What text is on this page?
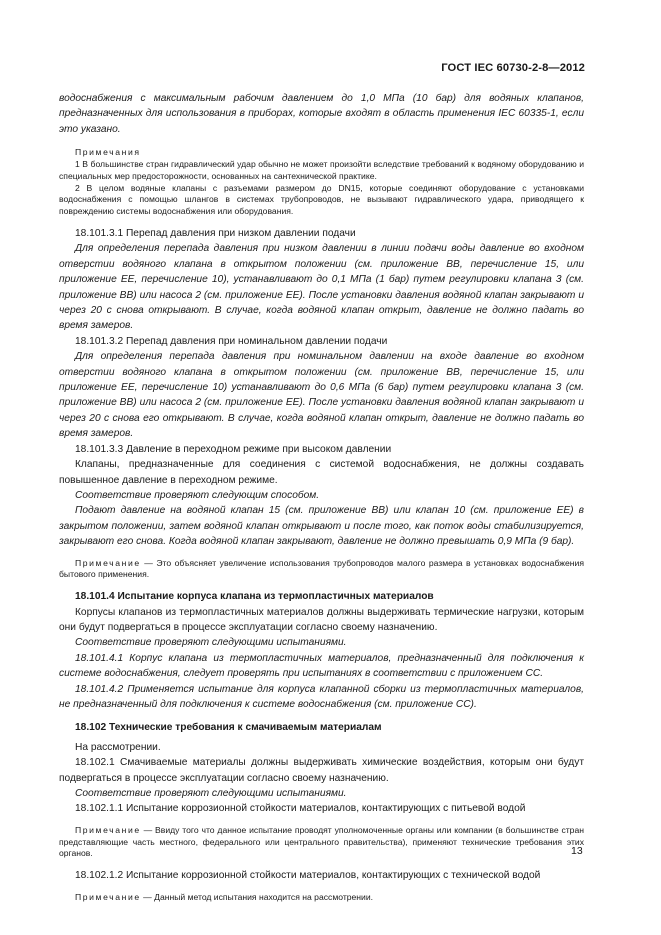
ГОСТ IEC 60730-2-8—2012

водоснабжения с максимальным рабочим давлением до 1,0 МПа (10 бар) для водяных клапанов, предназначенных для использования в приборах, которые входят в область применения IEC 60335-1, если это указано.

Примечания

1 В большинстве стран гидравлический удар обычно не может произойти вследствие требований к водяному оборудованию и специальных мер предосторожности, основанных на сантехнической практике.

2 В целом водяные клапаны с разъемами размером до DN15, которые соединяют оборудование с установками водоснабжения с помощью шлангов в системах трубопроводов, не вызывают гидравлического удара, приводящего к повреждению системы водоснабжения или оборудования.

18.101.3.1 Перепад давления при низком давлении подачи

Для определения перепада давления при низком давлении в линии подачи воды давление во входном отверстии водяного клапана в открытом положении (см. приложение ВВ, перечисление 15, или приложение ЕЕ, перечисление 10), устанавливают до 0,1 МПа (1 бар) путем регулировки клапана 3 (см. приложение ВВ) или насоса 2 (см. приложение ЕЕ). После установки давления водяной клапан закрывают и через 20 с снова открывают. В случае, когда водяной клапан открыт, давление не должно падать во время замеров.

18.101.3.2 Перепад давления при номинальном давлении подачи

Для определения перепада давления при номинальном давлении на входе давление во входном отверстии водяного клапана в открытом положении (см. приложение ВВ, перечисление 15, или приложение ЕЕ, перечисление 10) устанавливают до 0,6 МПа (6 бар) путем регулировки клапана 3 (см. приложение ВВ) или насоса 2 (см. приложение ЕЕ). После установки давления водяной клапан закрывают и через 20 с снова его открывают. В случае, когда водяной клапан открыт, давление не должно падать во время замеров.

18.101.3.3 Давление в переходном режиме при высоком давлении

Клапаны, предназначенные для соединения с системой водоснабжения, не должны создавать повышенное давление в переходном режиме.

Соответствие проверяют следующим способом.

Подают давление на водяной клапан 15 (см. приложение ВВ) или клапан 10 (см. приложение ЕЕ) в закрытом положении, затем водяной клапан открывают и после того, как поток воды стабилизируется, закрывают его снова. Когда водяной клапан закрывают, давление не должно превышать 0,9 МПа (9 бар).

Примечание — Это объясняет увеличение использования трубопроводов малого размера в установках водоснабжения бытового применения.

18.101.4 Испытание корпуса клапана из термопластичных материалов

Корпусы клапанов из термопластичных материалов должны выдерживать термические нагрузки, которым они будут подвергаться в процессе эксплуатации согласно своему назначению.

Соответствие проверяют следующими испытаниями.

18.101.4.1 Корпус клапана из термопластичных материалов, предназначенный для подключения к системе водоснабжения, следует проверять при испытаниях в соответствии с приложением СС.

18.101.4.2 Применяется испытание для корпуса клапанной сборки из термопластичных материалов, не предназначенный для подключения к системе водоснабжения (см. приложение СС).

18.102 Технические требования к смачиваемым материалам

На рассмотрении.

18.102.1 Смачиваемые материалы должны выдерживать химические воздействия, которым они будут подвергаться в процессе эксплуатации согласно своему назначению.

Соответствие проверяют следующими испытаниями.

18.102.1.1 Испытание коррозионной стойкости материалов, контактирующих с питьевой водой

Примечание — Ввиду того что данное испытание проводят уполномоченные органы или компании (в большинстве стран представляющие часть местного, федерального или центрального правительства), применяют технические требования этих органов.

18.102.1.2 Испытание коррозионной стойкости материалов, контактирующих с технической водой

Примечание — Данный метод испытания находится на рассмотрении.

13
